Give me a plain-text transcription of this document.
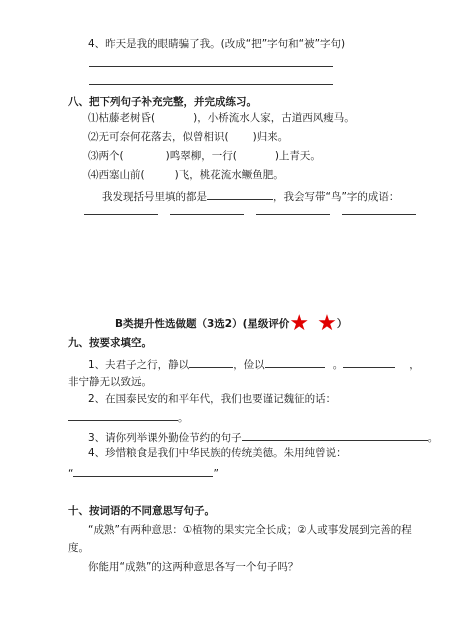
4、昨天是我的眼睛骗了我。(改成“把”字句和“被”字句)
八、把下列句子补充完整，并完成练习。
⑴枯藤老树昏(	)，小桥流水人家，古道西风瘦马。
⑵无可奈何花落去，似曾相识( )归来。
⑶两个(	)鸣翠柳，一行(	)上青天。
⑷西塞山前(	)飞，桃花流水鳜鱼肥。
我发现括号里填的都是	，我会写带“鸟”字的成语：
B类提升性选做题（3选2）(星级评价★ ★）
九、按要求填空。
1、夫君子之行，静以	，俭以	。	，
非宁静无以致远。
2、在国泰民安的和平年代，我们也要谨记魏征的话：
。
3、请你列举课外勤俭节约的句子	。
4、珍惜粮食是我们中华民族的传统美德。朱用纯曾说：
“	”
十、按词语的不同意思写句子。
“成熟”有两种意思：①植物的果实完全长成；②人或事发展到完善的程
度。
你能用“成熟”的这两种意思各写一个句子吗？
